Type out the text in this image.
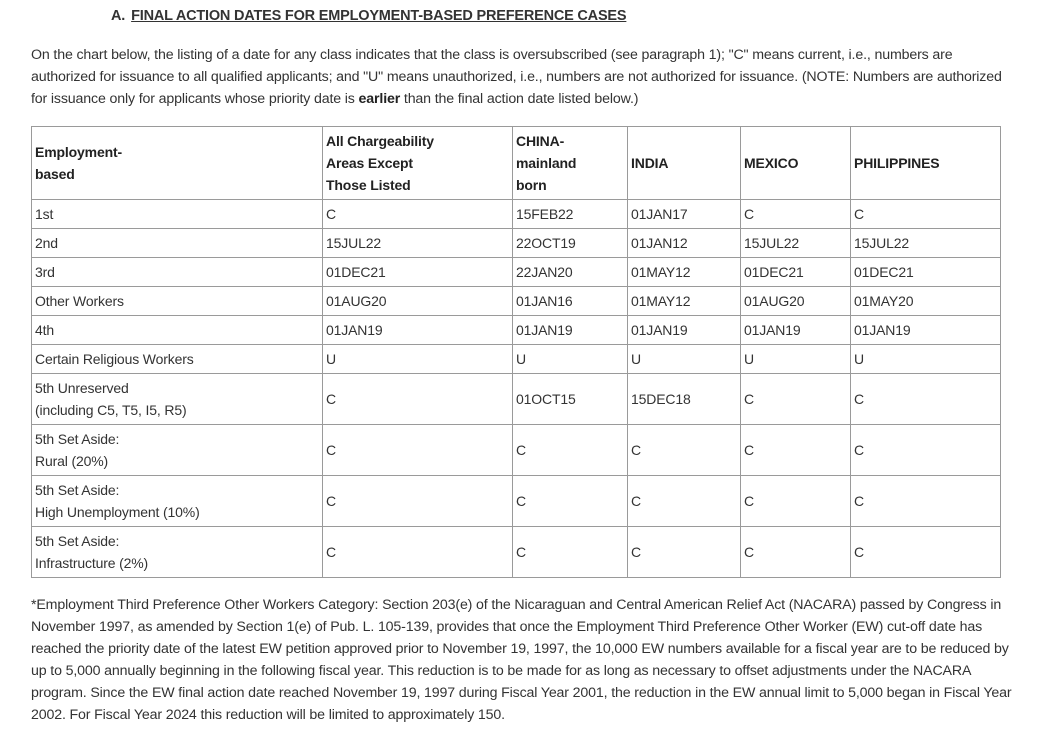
A. FINAL ACTION DATES FOR EMPLOYMENT-BASED PREFERENCE CASES

On the chart below, the listing of a date for any class indicates that the class is oversubscribed (see paragraph 1); "C" means current, i.e., numbers are authorized for issuance to all qualified applicants; and "U" means unauthorized, i.e., numbers are not authorized for issuance. (NOTE: Numbers are authorized for issuance only for applicants whose priority date is earlier than the final action date listed below.)

Employment-
based	All Chargeability
Areas Except
Those Listed	CHINA-
mainland
born	INDIA	MEXICO	PHILIPPINES
1st	C	15FEB22	01JAN17	C	C
2nd	15JUL22	22OCT19	01JAN12	15JUL22	15JUL22
3rd	01DEC21	22JAN20	01MAY12	01DEC21	01DEC21
Other Workers	01AUG20	01JAN16	01MAY12	01AUG20	01MAY20
4th	01JAN19	01JAN19	01JAN19	01JAN19	01JAN19
Certain Religious Workers	U	U	U	U	U
5th Unreserved
(including C5, T5, I5, R5)	C	01OCT15	15DEC18	C	C
5th Set Aside:
Rural (20%)	C	C	C	C	C
5th Set Aside:
High Unemployment (10%)	C	C	C	C	C
5th Set Aside:
Infrastructure (2%)	C	C	C	C	C

*Employment Third Preference Other Workers Category: Section 203(e) of the Nicaraguan and Central American Relief Act (NACARA) passed by Congress in November 1997, as amended by Section 1(e) of Pub. L. 105-139, provides that once the Employment Third Preference Other Worker (EW) cut-off date has reached the priority date of the latest EW petition approved prior to November 19, 1997, the 10,000 EW numbers available for a fiscal year are to be reduced by up to 5,000 annually beginning in the following fiscal year. This reduction is to be made for as long as necessary to offset adjustments under the NACARA program. Since the EW final action date reached November 19, 1997 during Fiscal Year 2001, the reduction in the EW annual limit to 5,000 began in Fiscal Year 2002. For Fiscal Year 2024 this reduction will be limited to approximately 150.
